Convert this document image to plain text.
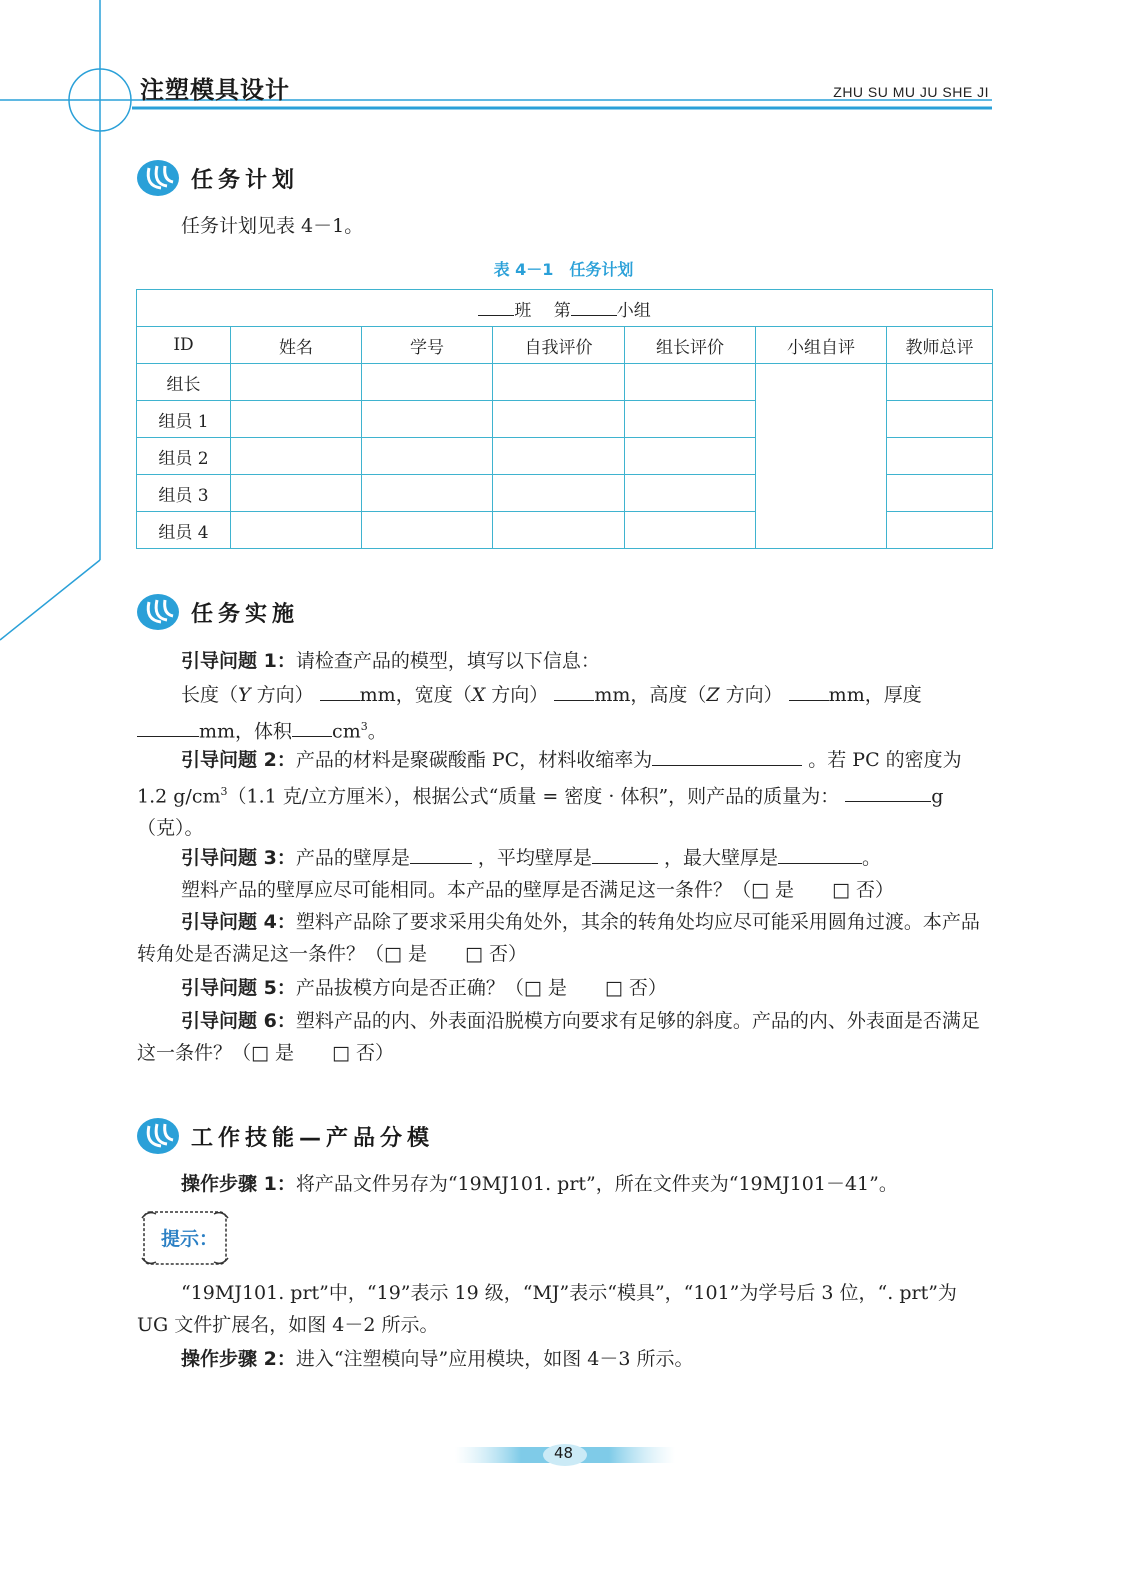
注塑模具设计	ZHU SU MU JU SHE JI
任务计划
任务计划见表 4－1。
表 4－1　任务计划
班　 第 小组						
ID	姓名	学号	自我评价	组长评价	小组自评	教师总评
组长						
组员 1						
组员 2						
组员 3						
组员 4						
任务实施
引导问题 1：请检查产品的模型，填写以下信息：
长度（Y 方向） mm，宽度（X 方向） mm，高度（Z 方向） mm，厚度
mm，体积 $cm^3$。
引导问题 2：产品的材料是聚碳酸酯 PC，材料收缩率为	。若 PC 的密度为 1.2 $g/cm^3(1.1$ 克/立方厘米），根据公式“质量 = 密度 · 体积”，则产品的质量为：	g（克）。
引导问题 3：产品的壁厚是	，平均壁厚是	，最大壁厚是	。
塑料产品的壁厚应尽可能相同。本产品的壁厚是否满足这一条件？（□ 是　　□ 否）
引导问题 4：塑料产品除了要求采用尖角处外，其余的转角处均应尽可能采用圆角过渡。本产品转角处是否满足这一条件？（□ 是　　□ 否）
引导问题 5：产品拔模方向是否正确？（□ 是　　□ 否）
引导问题 6：塑料产品的内、外表面沿脱模方向要求有足够的斜度。产品的内、外表面是否满足这一条件？（□ 是　　□ 否）
工作技能—产品分模
操作步骤 1：将产品文件另存为“19MJ101. prt”，所在文件夹为“19MJ101－41”。
提示：
“19MJ101. prt”中，“19”表示 19 级，“MJ”表示“模具”，“101”为学号后 3 位，“. prt”为 UG 文件扩展名，如图 4－2 所示。
操作步骤 2：进入“注塑模向导”应用模块，如图 4－3 所示。
48
